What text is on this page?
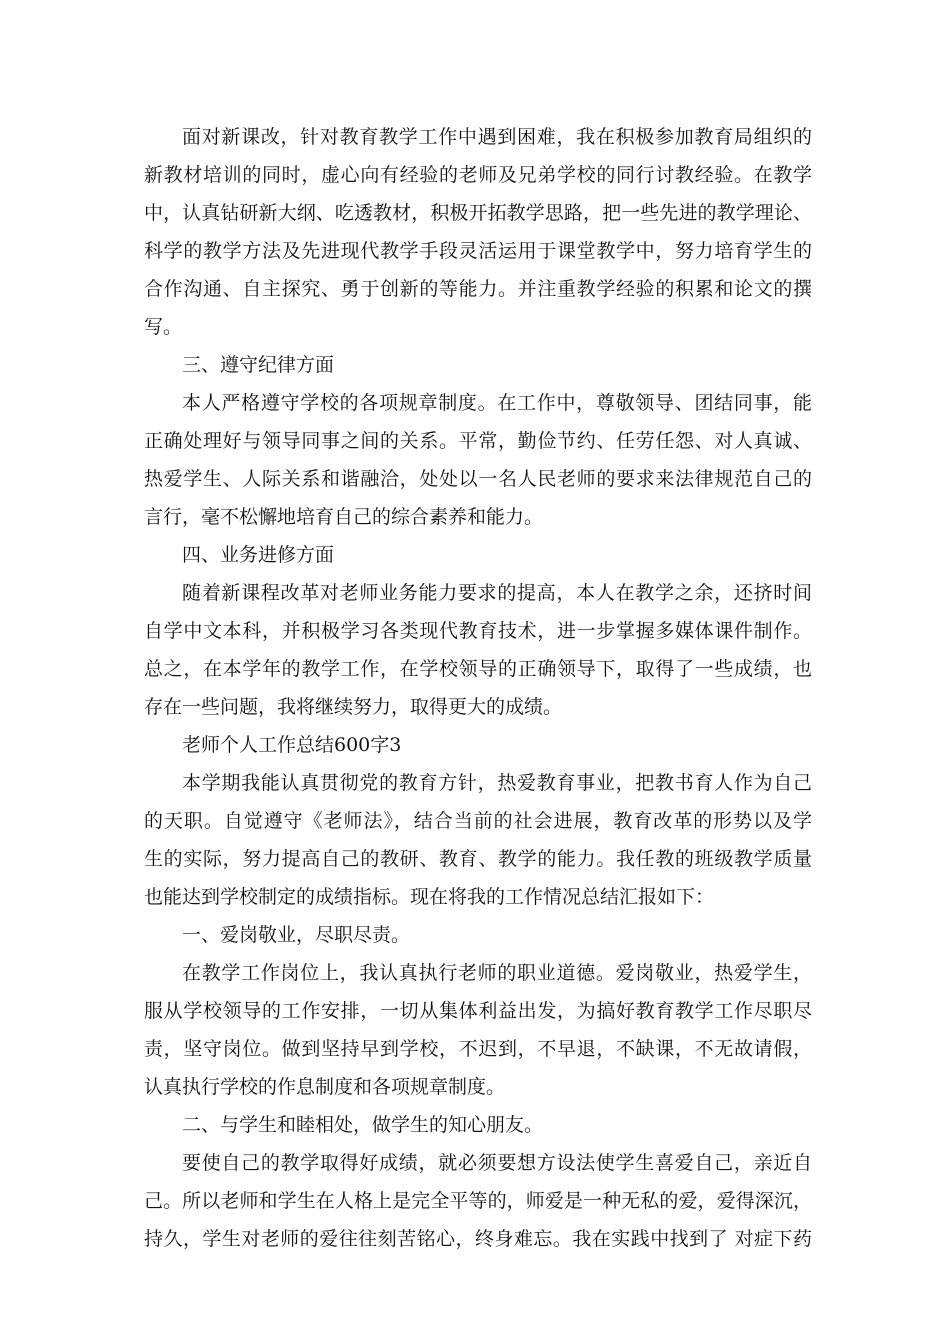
面对新课改，针对教育教学工作中遇到困难，我在积极参加教育局组织的

新教材培训的同时，虚心向有经验的老师及兄弟学校的同行讨教经验。在教学

中，认真钻研新大纲、吃透教材，积极开拓教学思路，把一些先进的教学理论、

科学的教学方法及先进现代教学手段灵活运用于课堂教学中，努力培育学生的

合作沟通、自主探究、勇于创新的等能力。并注重教学经验的积累和论文的撰

写。

三、遵守纪律方面

本人严格遵守学校的各项规章制度。在工作中，尊敬领导、团结同事，能

正确处理好与领导同事之间的关系。平常，勤俭节约、任劳任怨、对人真诚、

热爱学生、人际关系和谐融洽，处处以一名人民老师的要求来法律规范自己的

言行，毫不松懈地培育自己的综合素养和能力。

四、业务进修方面

随着新课程改革对老师业务能力要求的提高，本人在教学之余，还挤时间

自学中文本科，并积极学习各类现代教育技术，进一步掌握多媒体课件制作。

总之，在本学年的教学工作，在学校领导的正确领导下，取得了一些成绩，也

存在一些问题，我将继续努力，取得更大的成绩。

老师个人工作总结600字3

本学期我能认真贯彻党的教育方针，热爱教育事业，把教书育人作为自己

的天职。自觉遵守《老师法》，结合当前的社会进展，教育改革的形势以及学

生的实际，努力提高自己的教研、教育、教学的能力。我任教的班级教学质量

也能达到学校制定的成绩指标。现在将我的工作情况总结汇报如下：

一、爱岗敬业，尽职尽责。

在教学工作岗位上，我认真执行老师的职业道德。爱岗敬业，热爱学生，

服从学校领导的工作安排，一切从集体利益出发，为搞好教育教学工作尽职尽

责，坚守岗位。做到坚持早到学校，不迟到，不早退，不缺课，不无故请假，

认真执行学校的作息制度和各项规章制度。

二、与学生和睦相处，做学生的知心朋友。

要使自己的教学取得好成绩，就必须要想方设法使学生喜爱自己，亲近自

己。所以老师和学生在人格上是完全平等的，师爱是一种无私的爱，爱得深沉，

持久，学生对老师的爱往往刻苦铭心，终身难忘。我在实践中找到了 对症下药
